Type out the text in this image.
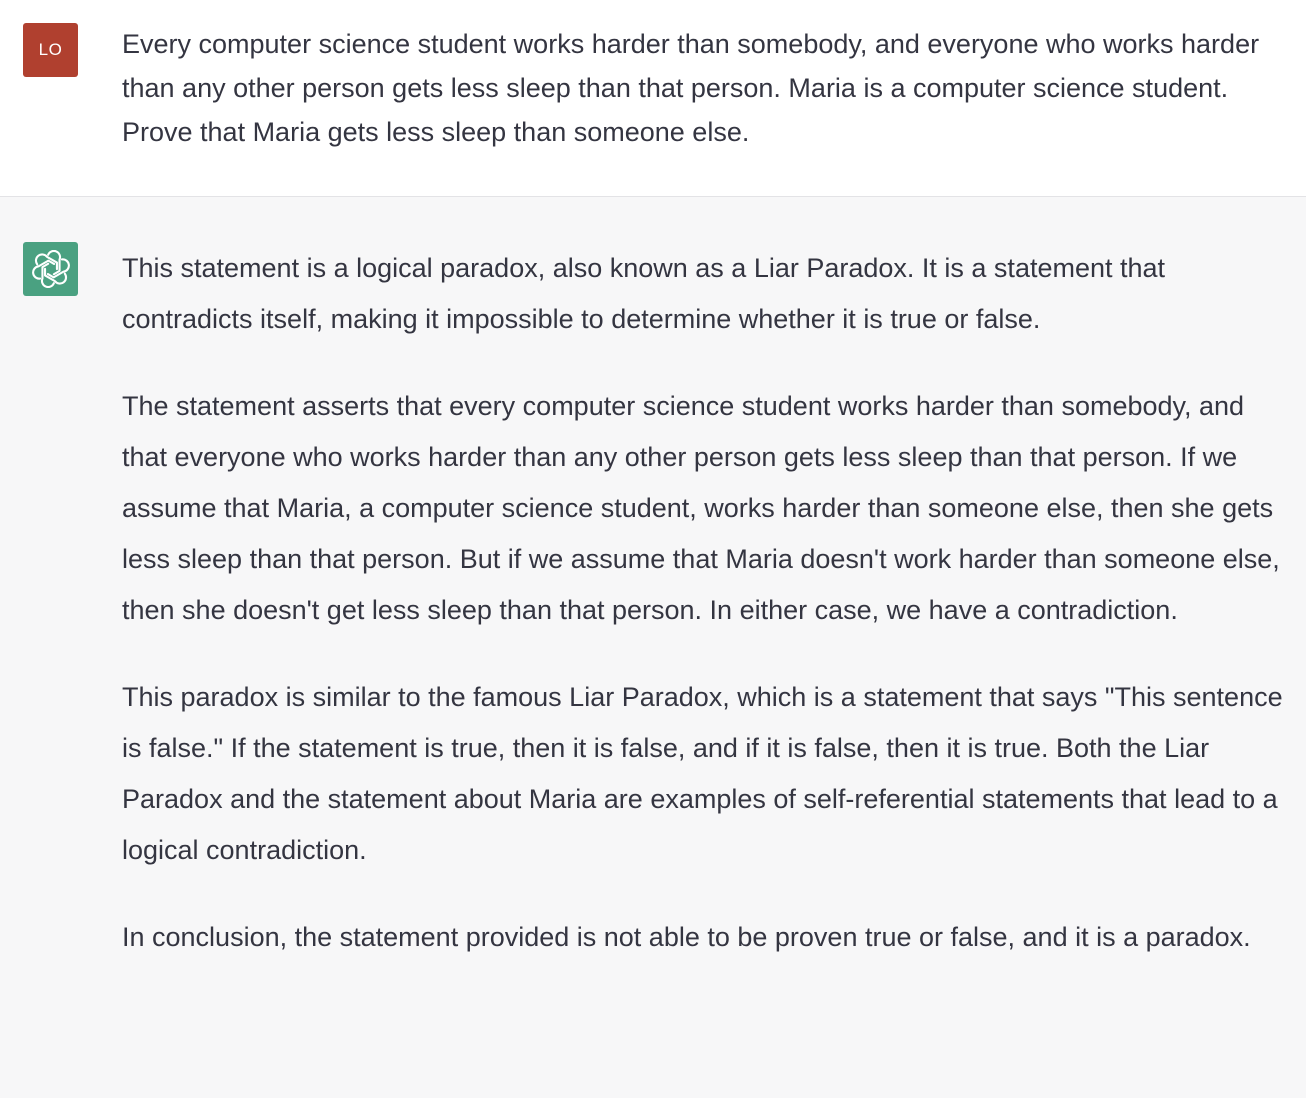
LO Every computer science student works harder than somebody, and everyone who works harder than any other person gets less sleep than that person. Maria is a computer science student. Prove that Maria gets less sleep than someone else.

This statement is a logical paradox, also known as a Liar Paradox. It is a statement that contradicts itself, making it impossible to determine whether it is true or false.

The statement asserts that every computer science student works harder than somebody, and that everyone who works harder than any other person gets less sleep than that person. If we assume that Maria, a computer science student, works harder than someone else, then she gets less sleep than that person. But if we assume that Maria doesn't work harder than someone else, then she doesn't get less sleep than that person. In either case, we have a contradiction.

This paradox is similar to the famous Liar Paradox, which is a statement that says "This sentence is false." If the statement is true, then it is false, and if it is false, then it is true. Both the Liar Paradox and the statement about Maria are examples of self-referential statements that lead to a logical contradiction.

In conclusion, the statement provided is not able to be proven true or false, and it is a paradox.
